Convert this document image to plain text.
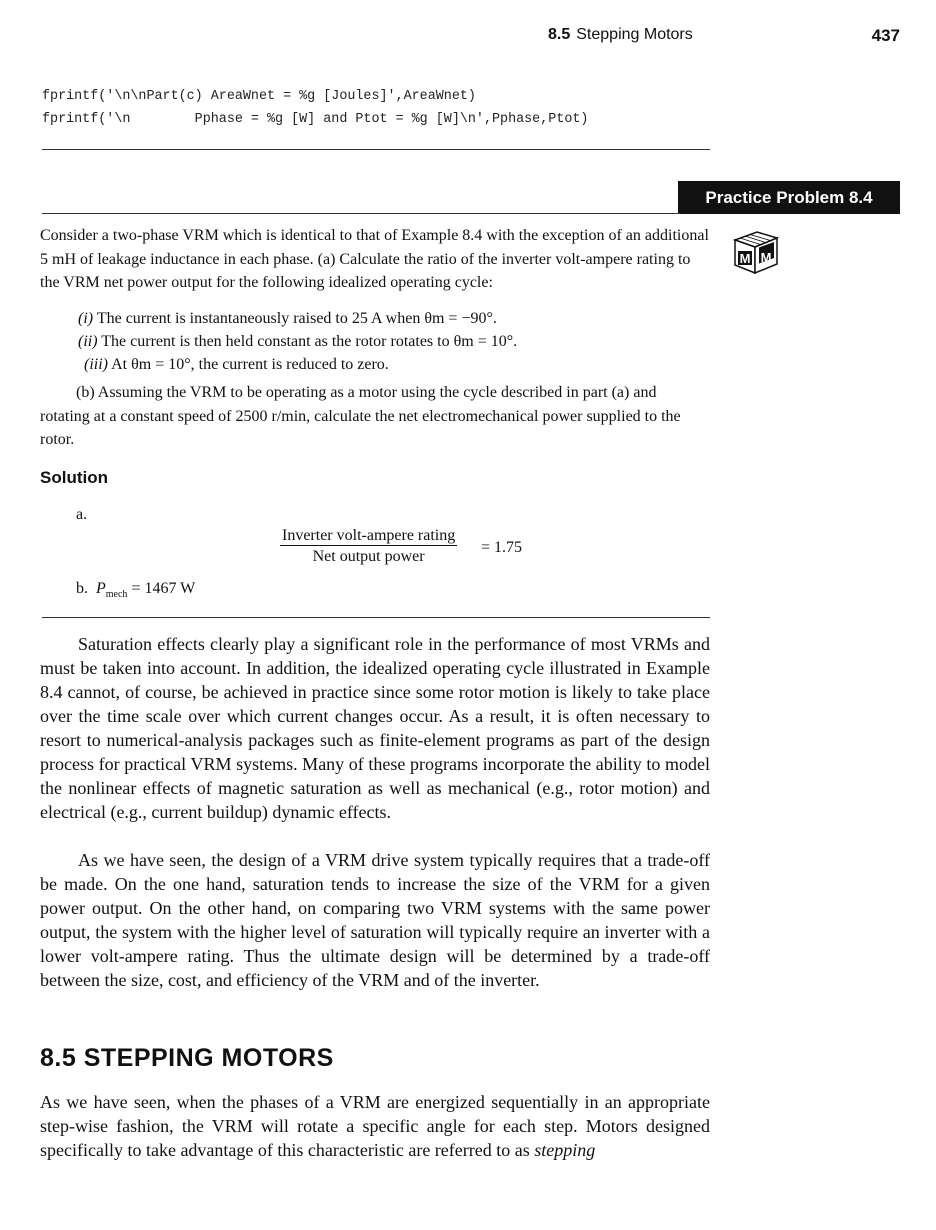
8.5 Stepping Motors	437
fprintf('\n\nPart(c) AreaWnet = %g [Joules]',AreaWnet)
fprintf('\n        Pphase = %g [W] and Ptot = %g [W]\n',Pphase,Ptot)
Practice Problem 8.4
M M
Consider a two-phase VRM which is identical to that of Example 8.4 with the exception of an additional 5 mH of leakage inductance in each phase. (a) Calculate the ratio of the inverter volt-ampere rating to the VRM net power output for the following idealized operating cycle:
(i) The current is instantaneously raised to 25 A when θm = −90°.
(ii) The current is then held constant as the rotor rotates to θm = 10°.
(iii) At θm = 10°, the current is reduced to zero.
(b) Assuming the VRM to be operating as a motor using the cycle described in part (a) and rotating at a constant speed of 2500 r/min, calculate the net electromechanical power supplied to the rotor.
Solution
a.
Inverter volt-ampere rating
Net output power
= 1.75
b. $P_{mech} = 1467$ W
Saturation effects clearly play a significant role in the performance of most VRMs and must be taken into account. In addition, the idealized operating cycle illustrated in Example 8.4 cannot, of course, be achieved in practice since some rotor motion is likely to take place over the time scale over which current changes occur. As a result, it is often necessary to resort to numerical-analysis packages such as finite-element programs as part of the design process for practical VRM systems. Many of these programs incorporate the ability to model the nonlinear effects of magnetic saturation as well as mechanical (e.g., rotor motion) and electrical (e.g., current buildup) dynamic effects.
As we have seen, the design of a VRM drive system typically requires that a trade-off be made. On the one hand, saturation tends to increase the size of the VRM for a given power output. On the other hand, on comparing two VRM systems with the same power output, the system with the higher level of saturation will typically require an inverter with a lower volt-ampere rating. Thus the ultimate design will be determined by a trade-off between the size, cost, and efficiency of the VRM and of the inverter.
8.5 STEPPING MOTORS
As we have seen, when the phases of a VRM are energized sequentially in an appropriate step-wise fashion, the VRM will rotate a specific angle for each step. Motors designed specifically to take advantage of this characteristic are referred to as stepping
